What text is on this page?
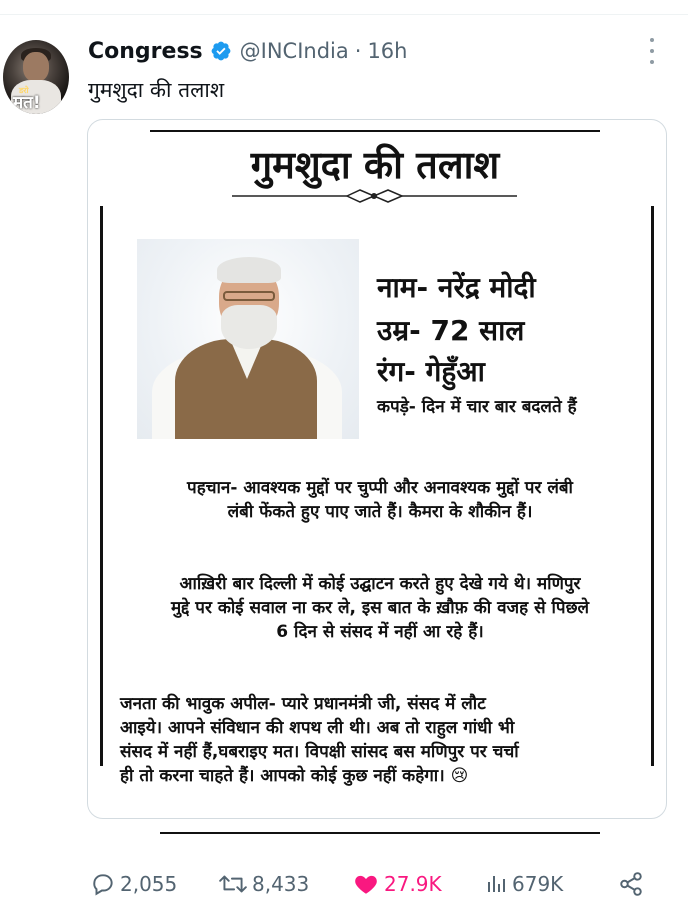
डरो
मत!
Congress @INCIndia · 16h
गुमशुदा की तलाश
गुमशुदा की तलाश
नाम- नरेंद्र मोदी
उम्र- 72 साल
रंग- गेहुँआ
कपड़े- दिन में चार बार बदलते हैं

पहचान- आवश्यक मुद्दों पर चुप्पी और अनावश्यक मुद्दों पर लंबी

लंबी फेंकते हुए पाए जाते हैं। कैमरा के शौकीन हैं।

आख़िरी बार दिल्ली में कोई उद्घाटन करते हुए देखे गये थे। मणिपुर

मुद्दे पर कोई सवाल ना कर ले, इस बात के ख़ौफ़ की वजह से पिछले

6 दिन से संसद में नहीं आ रहे हैं।

जनता की भावुक अपील- प्यारे प्रधानमंत्री जी, संसद में लौट

आइये। आपने संविधान की शपथ ली थी। अब तो राहुल गांधी भी

संसद में नहीं हैं,घबराइए मत। विपक्षी सांसद बस मणिपुर पर चर्चा

ही तो करना चाहते हैं। आपको कोई कुछ नहीं कहेगा। 😢

2,055	8,433	27.9K	679K
